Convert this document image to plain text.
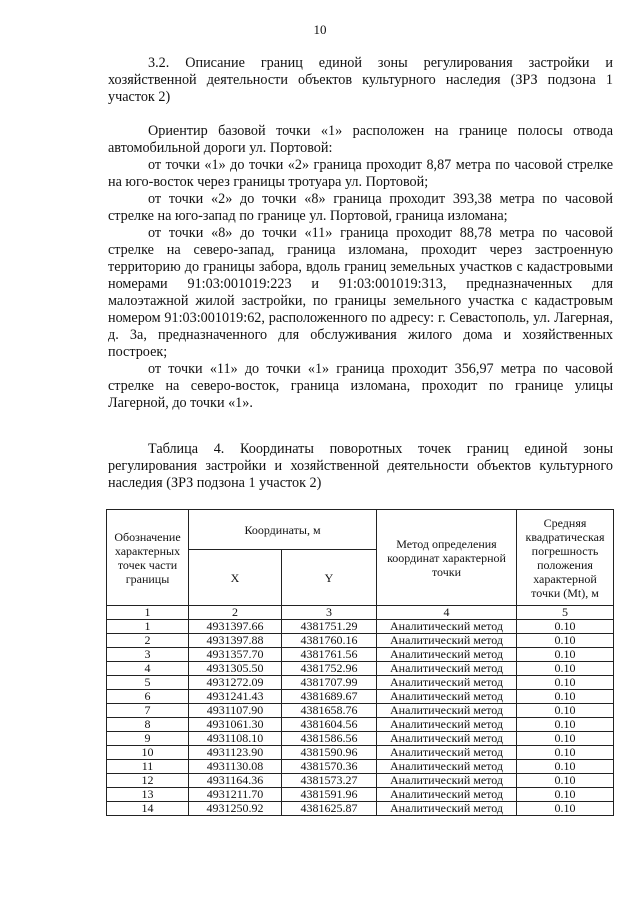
10

3.2. Описание границ единой зоны регулирования застройки и хозяйственной деятельности объектов культурного наследия (ЗРЗ подзона 1 участок 2)

Ориентир базовой точки «1» расположен на границе полосы отвода автомобильной дороги ул. Портовой:

от точки «1» до точки «2» граница проходит 8,87 метра по часовой стрелке на юго-восток через границы тротуара ул. Портовой;

от точки «2» до точки «8» граница проходит 393,38 метра по часовой стрелке на юго-запад по границе ул. Портовой, граница изломана;

от точки «8» до точки «11» граница проходит 88,78 метра по часовой стрелке на северо-запад, граница изломана, проходит через застроенную территорию до границы забора, вдоль границ земельных участков с кадастровыми номерами 91:03:001019:223 и 91:03:001019:313, предназначенных для малоэтажной жилой застройки, по границы земельного участка с кадастровым номером 91:03:001019:62, расположенного по адресу: г. Севастополь, ул. Лагерная, д. 3а, предназначенного для обслуживания жилого дома и хозяйственных построек;

от точки «11» до точки «1» граница проходит 356,97 метра по часовой стрелке на северо-восток, граница изломана, проходит по границе улицы Лагерной, до точки «1».

Таблица 4. Координаты поворотных точек границ единой зоны регулирования застройки и хозяйственной деятельности объектов культурного наследия (ЗРЗ подзона 1 участок 2)
Обозначение характерных точек части границы	Координаты, м		Метод определения координат характерной точки	Средняя квадратическая погрешность положения характерной точки (Mt), м
	X	Y		
1	2	3	4	5
1	4931397.66	4381751.29	Аналитический метод	0.10
2	4931397.88	4381760.16	Аналитический метод	0.10
3	4931357.70	4381761.56	Аналитический метод	0.10
4	4931305.50	4381752.96	Аналитический метод	0.10
5	4931272.09	4381707.99	Аналитический метод	0.10
6	4931241.43	4381689.67	Аналитический метод	0.10
7	4931107.90	4381658.76	Аналитический метод	0.10
8	4931061.30	4381604.56	Аналитический метод	0.10
9	4931108.10	4381586.56	Аналитический метод	0.10
10	4931123.90	4381590.96	Аналитический метод	0.10
11	4931130.08	4381570.36	Аналитический метод	0.10
12	4931164.36	4381573.27	Аналитический метод	0.10
13	4931211.70	4381591.96	Аналитический метод	0.10
14	4931250.92	4381625.87	Аналитический метод	0.10
